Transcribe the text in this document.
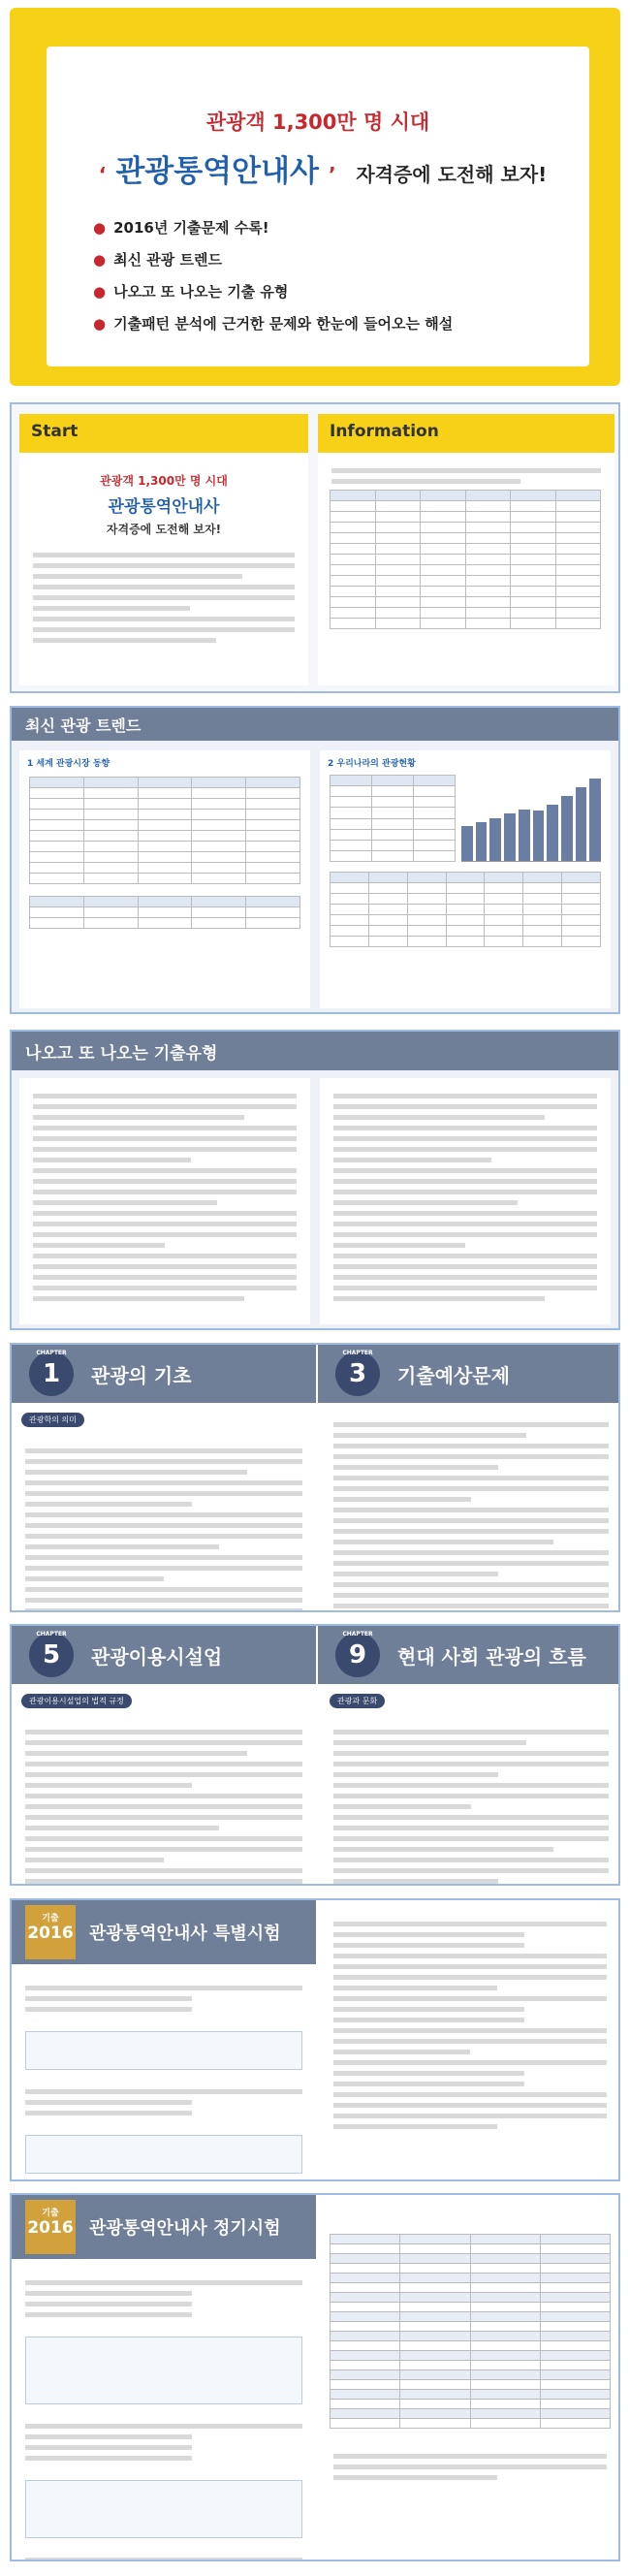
관광객 1,300만 명 시대
‘ 관광통역안내사 ’ 자격증에 도전해 보자!
● 2016년 기출문제 수록!
● 최신 관광 트렌드
● 나오고 또 나오는 기출 유형
● 기출패턴 분석에 근거한 문제와 한눈에 들어오는 해설
Start
관광객 1,300만 명 시대
관광통역안내사
자격증에 도전해 보자!
Information

최신 관광 트렌드
1 세계 관광시장 동향

					2 우리나라의 관광현황

나오고 또 나오는 기출유형
CHAPTER
1	관광의 기초
CHAPTER
3	기출예상문제
관광학의 의미
CHAPTER
5	관광이용시설업
CHAPTER
9	현대 사회 관광의 흐름
관광이용시설업의 법적 규정	관광과 문화
기출
2016 관광통역안내사 특별시험
기출
2016 관광통역안내사 정기시험
